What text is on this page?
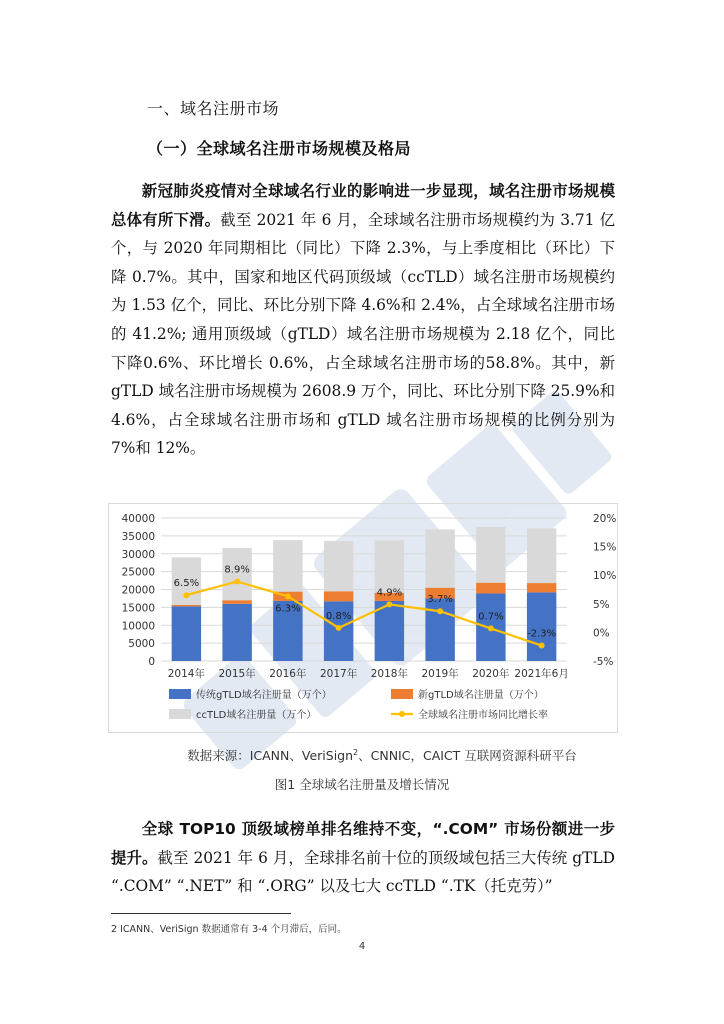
一、域名注册市场
（一）全球域名注册市场规模及格局
新冠肺炎疫情对全球域名行业的影响进一步显现，域名注册市场规模总体有所下滑。截至 2021 年 6 月，全球域名注册市场规模约为 3.71 亿个，与 2020 年同期相比（同比）下降 2.3%，与上季度相比（环比）下降 0.7%。其中，国家和地区代码顶级域（ccTLD）域名注册市场规模约为 1.53 亿个，同比、环比分别下降 4.6%和 2.4%，占全球域名注册市场的 41.2%; 通用顶级域（gTLD）域名注册市场规模为 2.18 亿个，同比下降0.6%、环比增长 0.6%，占全球域名注册市场的58.8%。其中，新 gTLD 域名注册市场规模为 2608.9 万个，同比、环比分别下降 25.9%和 4.6%，占全球域名注册市场和 gTLD 域名注册市场规模的比例分别为 7%和 12%。
0
5000
10000
15000
20000
25000
30000
35000
40000
-5%
0%
5%
10%
15%
20%
2014年 2015年 2016年 2017年 2018年 2019年 2020年 2021年6月
6.5%
8.9%
6.3%
0.8%
4.9%
3.7%
0.7%
-2.3%
传统gTLD域名注册量（万个）	新gTLD域名注册量（万个）
ccTLD域名注册量（万个）	全球域名注册市场同比增长率
数据来源：ICANN、VeriSign$^2$、CNNIC，CAICT 互联网资源科研平台
图1 全球域名注册量及增长情况
全球 TOP10 顶级域榜单排名维持不变，“.COM” 市场份额进一步提升。截至 2021 年 6 月，全球排名前十位的顶级域包括三大传统 gTLD “.COM” “.NET” 和 “.ORG” 以及七大 ccTLD “.TK（托克劳）”
2 ICANN、VeriSign 数据通常有 3-4 个月滞后，后同。
4
